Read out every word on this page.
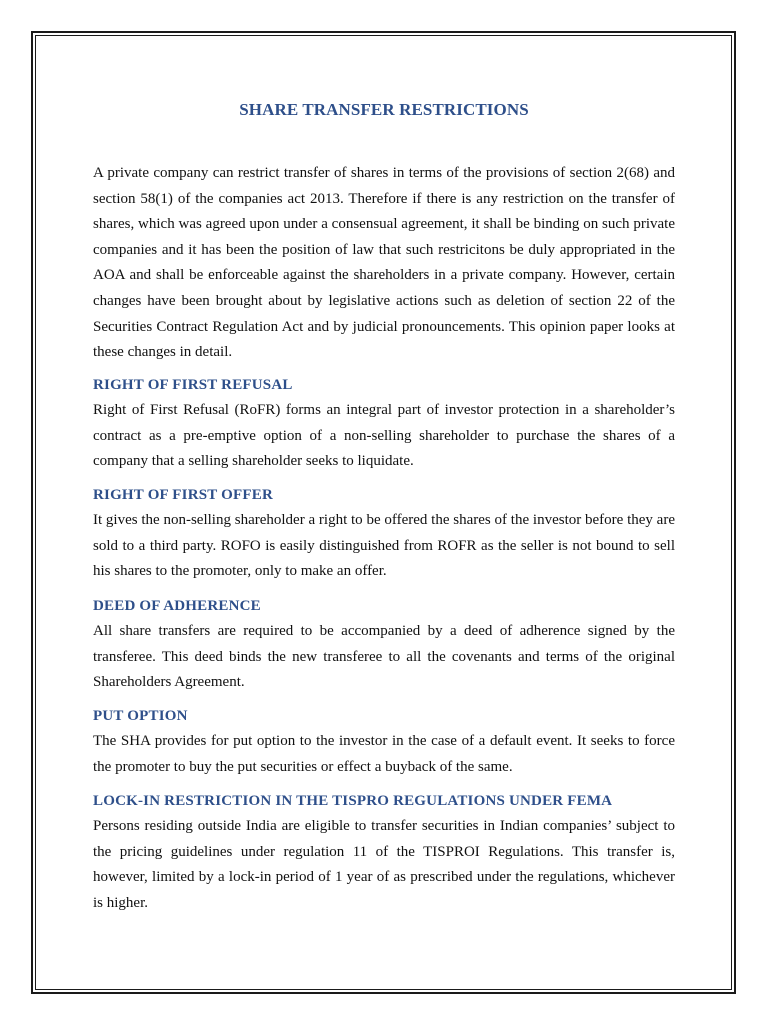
SHARE TRANSFER RESTRICTIONS

A private company can restrict transfer of shares in terms of the provisions of section 2(68) and section 58(1) of the companies act 2013. Therefore if there is any restriction on the transfer of shares, which was agreed upon under a consensual agreement, it shall be binding on such private companies and it has been the position of law that such restricitons be duly appropriated in the AOA and shall be enforceable against the shareholders in a private company. However, certain changes have been brought about by legislative actions such as deletion of section 22 of the Securities Contract Regulation Act and by judicial pronouncements. This opinion paper looks at these changes in detail.

RIGHT OF FIRST REFUSAL

Right of First Refusal (RoFR) forms an integral part of investor protection in a shareholder’s contract as a pre-emptive option of a non-selling shareholder to purchase the shares of a company that a selling shareholder seeks to liquidate.

RIGHT OF FIRST OFFER

It gives the non-selling shareholder a right to be offered the shares of the investor before they are sold to a third party. ROFO is easily distinguished from ROFR as the seller is not bound to sell his shares to the promoter, only to make an offer.

DEED OF ADHERENCE

All share transfers are required to be accompanied by a deed of adherence signed by the transferee. This deed binds the new transferee to all the covenants and terms of the original Shareholders Agreement.

PUT OPTION

The SHA provides for put option to the investor in the case of a default event. It seeks to force the promoter to buy the put securities or effect a buyback of the same.

LOCK-IN RESTRICTION IN THE TISPRO REGULATIONS UNDER FEMA

Persons residing outside India are eligible to transfer securities in Indian companies’ subject to the pricing guidelines under regulation 11 of the TISPROI Regulations. This transfer is, however, limited by a lock-in period of 1 year of as prescribed under the regulations, whichever is higher.
